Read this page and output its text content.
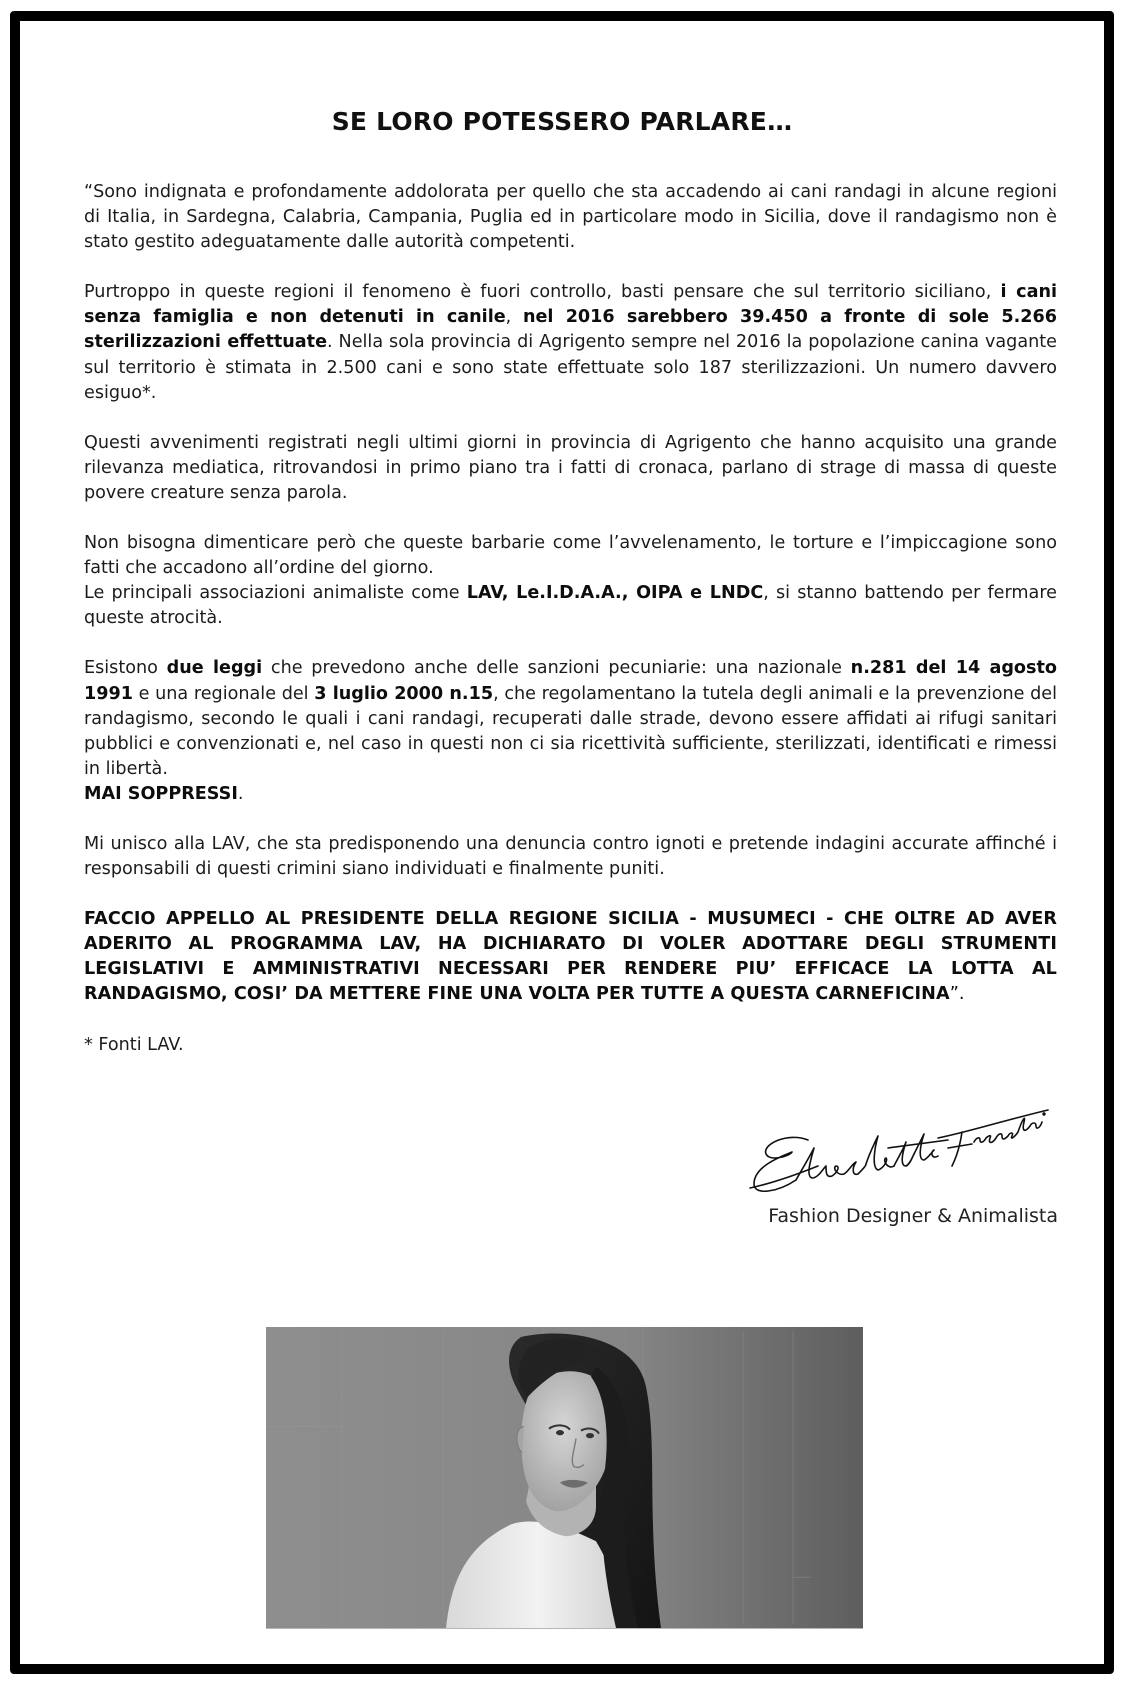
SE LORO POTESSERO PARLARE…

“Sono indignata e profondamente addolorata per quello che sta accadendo ai cani randagi in alcune regioni di Italia, in Sardegna, Calabria, Campania, Puglia ed in particolare modo in Sicilia, dove il randagismo non è stato gestito adeguatamente dalle autorità competenti.

Purtroppo in queste regioni il fenomeno è fuori controllo, basti pensare che sul territorio siciliano, i cani senza famiglia e non detenuti in canile, nel 2016 sarebbero 39.450 a fronte di sole 5.266 sterilizzazioni effettuate. Nella sola provincia di Agrigento sempre nel 2016 la popolazione canina vagante sul territorio è stimata in 2.500 cani e sono state effettuate solo 187 sterilizzazioni. Un numero davvero esiguo*.

Questi avvenimenti registrati negli ultimi giorni in provincia di Agrigento che hanno acquisito una grande rilevanza mediatica, ritrovandosi in primo piano tra i fatti di cronaca, parlano di strage di massa di queste povere creature senza parola.

Non bisogna dimenticare però che queste barbarie come l’avvelenamento, le torture e l’impiccagione sono fatti che accadono all’ordine del giorno.
Le principali associazioni animaliste come LAV, Le.I.D.A.A., OIPA e LNDC, si stanno battendo per fermare queste atrocità.

Esistono due leggi che prevedono anche delle sanzioni pecuniarie: una nazionale n.281 del 14 agosto 1991 e una regionale del 3 luglio 2000 n.15, che regolamentano la tutela degli animali e la prevenzione del randagismo, secondo le quali i cani randagi, recuperati dalle strade, devono essere affidati ai rifugi sanitari pubblici e convenzionati e, nel caso in questi non ci sia ricettività sufficiente, sterilizzati, identificati e rimessi in libertà.
MAI SOPPRESSI.

Mi unisco alla LAV, che sta predisponendo una denuncia contro ignoti e pretende indagini accurate affinché i responsabili di questi crimini siano individuati e finalmente puniti.

FACCIO APPELLO AL PRESIDENTE DELLA REGIONE SICILIA - MUSUMECI - CHE OLTRE AD AVER ADERITO AL PROGRAMMA LAV, HA DICHIARATO DI VOLER ADOTTARE DEGLI STRUMENTI LEGISLATIVI E AMMINISTRATIVI NECESSARI PER RENDERE PIU’ EFFICACE LA LOTTA AL RANDAGISMO, COSI’ DA METTERE FINE UNA VOLTA PER TUTTE A QUESTA CARNEFICINA”.

* Fonti LAV.

Fashion Designer & Animalista
